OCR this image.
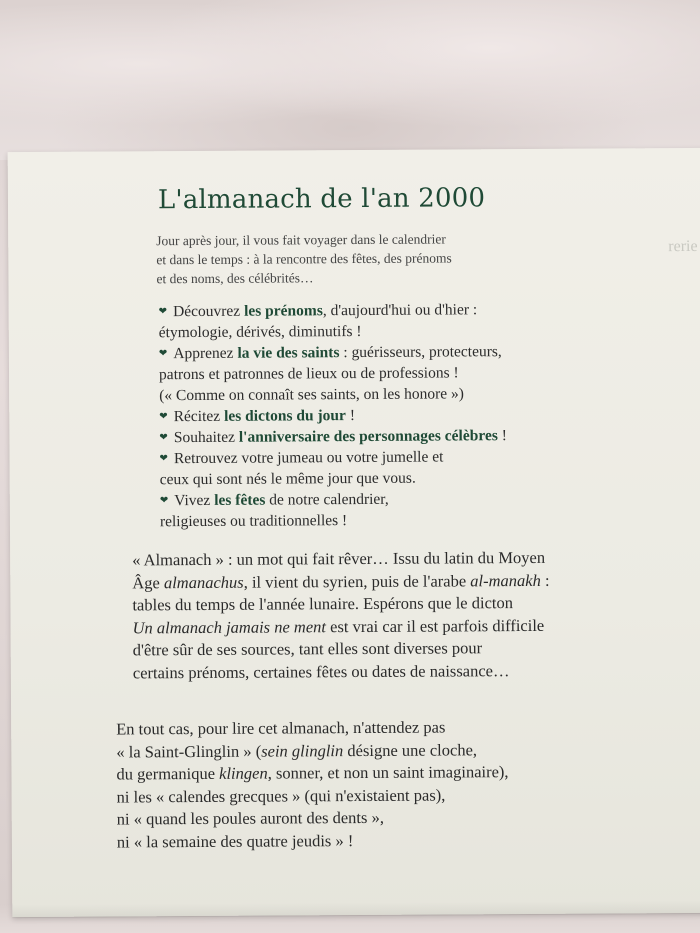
rerie
L'almanach de l'an 2000
Jour après jour, il vous fait voyager dans le calendrier
et dans le temps : à la rencontre des fêtes, des prénoms
et des noms, des célébrités…
❤ Découvrez les prénoms, d'aujourd'hui ou d'hier :
étymologie, dérivés, diminutifs !
❤ Apprenez la vie des saints : guérisseurs, protecteurs,
patrons et patronnes de lieux ou de professions !
(« Comme on connaît ses saints, on les honore »)
❤ Récitez les dictons du jour !
❤ Souhaitez l'anniversaire des personnages célèbres !
❤ Retrouvez votre jumeau ou votre jumelle et
ceux qui sont nés le même jour que vous.
❤ Vivez les fêtes de notre calendrier,
religieuses ou traditionnelles !
« Almanach » : un mot qui fait rêver… Issu du latin du Moyen
Âge almanachus, il vient du syrien, puis de l'arabe al-manakh :
tables du temps de l'année lunaire. Espérons que le dicton
Un almanach jamais ne ment est vrai car il est parfois difficile
d'être sûr de ses sources, tant elles sont diverses pour
certains prénoms, certaines fêtes ou dates de naissance…
En tout cas, pour lire cet almanach, n'attendez pas
« la Saint-Glinglin » (sein glinglin désigne une cloche,
du germanique klingen, sonner, et non un saint imaginaire),
ni les « calendes grecques » (qui n'existaient pas),
ni « quand les poules auront des dents »,
ni « la semaine des quatre jeudis » !
